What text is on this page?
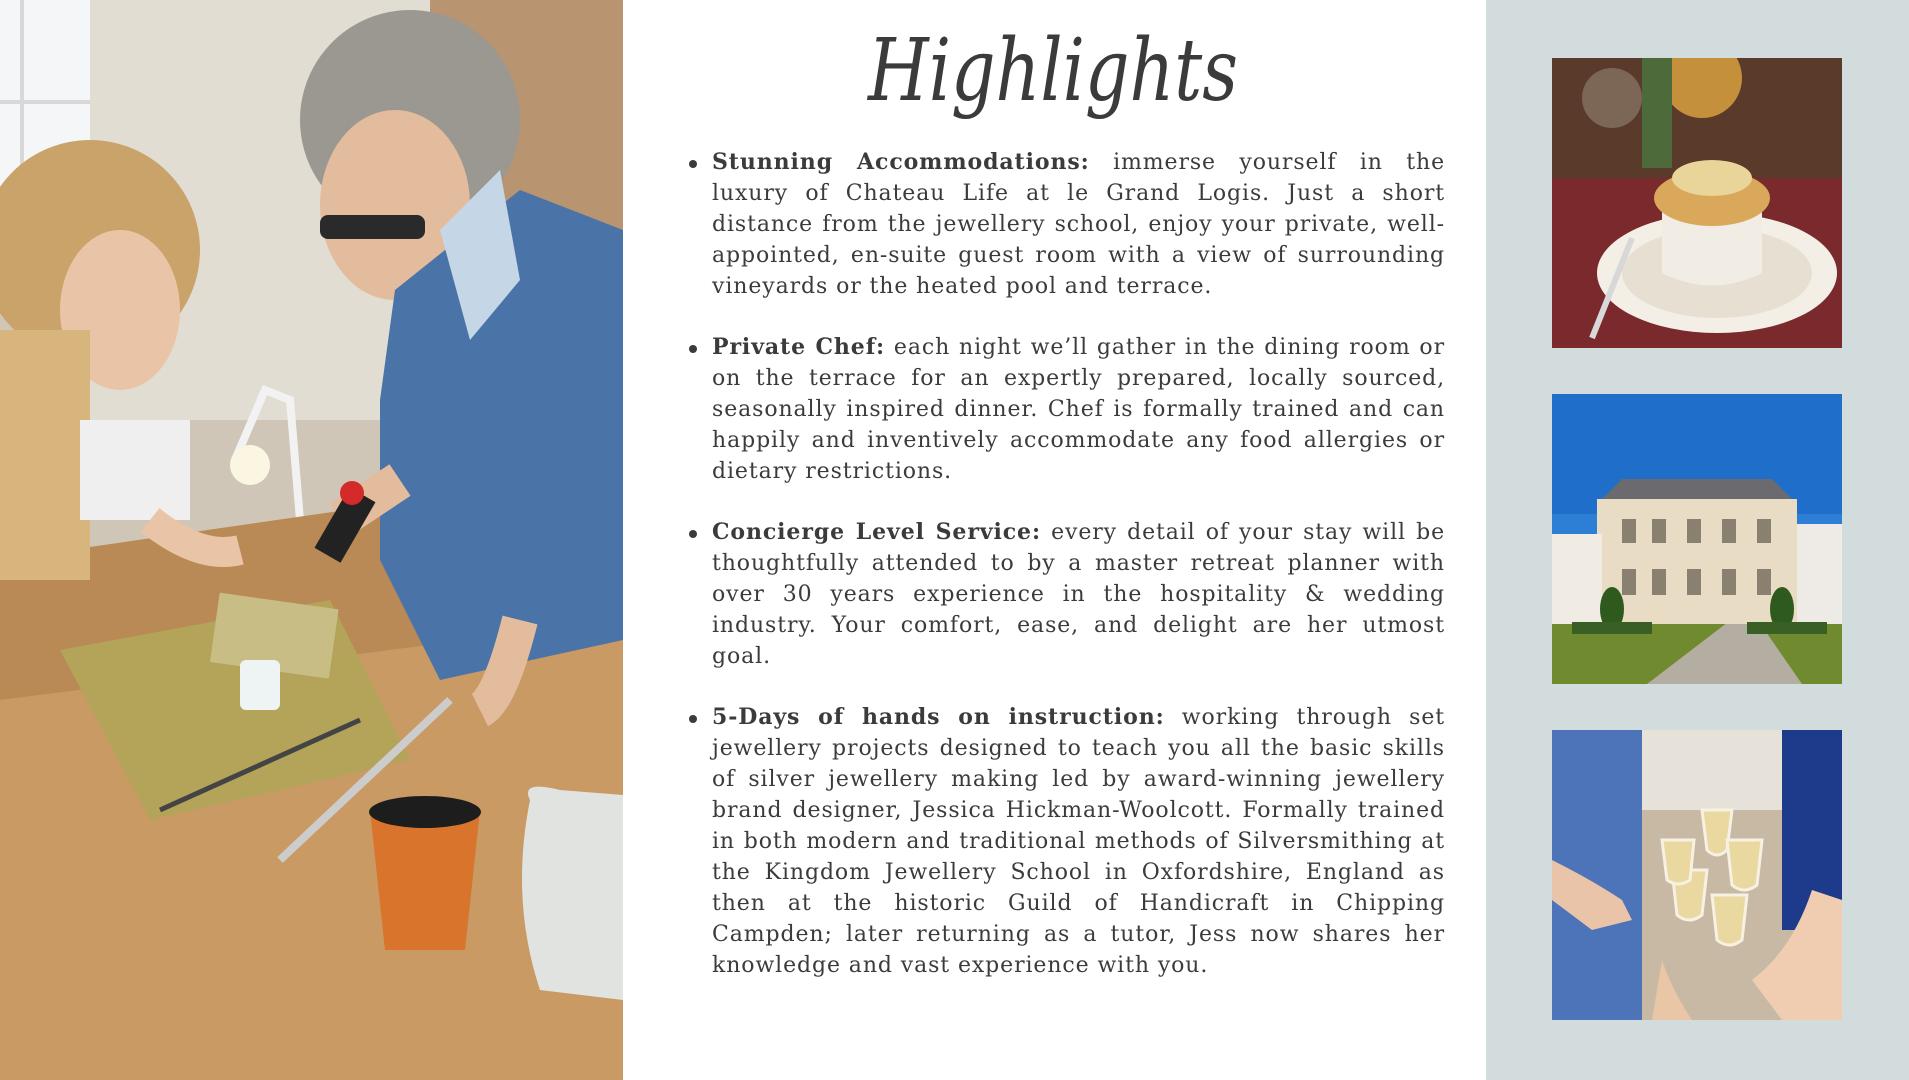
Highlights
Stunning Accommodations: immerse yourself in the luxury of Chateau Life at le Grand Logis. Just a short distance from the jewellery school, enjoy your private, well-appointed, en-suite guest room with a view of surrounding vineyards or the heated pool and terrace.
Private Chef: each night we’ll gather in the dining room or on the terrace for an expertly prepared, locally sourced, seasonally inspired dinner. Chef is formally trained and can happily and inventively accommodate any food allergies or dietary restrictions.
Concierge Level Service: every detail of your stay will be thoughtfully attended to by a master retreat planner with over 30 years experience in the hospitality & wedding industry. Your comfort, ease, and delight are her utmost goal.
5-Days of hands on instruction: working through set jewellery projects designed to teach you all the basic skills of silver jewellery making led by award-winning jewellery brand designer, Jessica Hickman-Woolcott. Formally trained in both modern and traditional methods of Silversmithing at the Kingdom Jewellery School in Oxfordshire, England as then at the historic Guild of Handicraft in Chipping Campden; later returning as a tutor, Jess now shares her knowledge and vast experience with you.
